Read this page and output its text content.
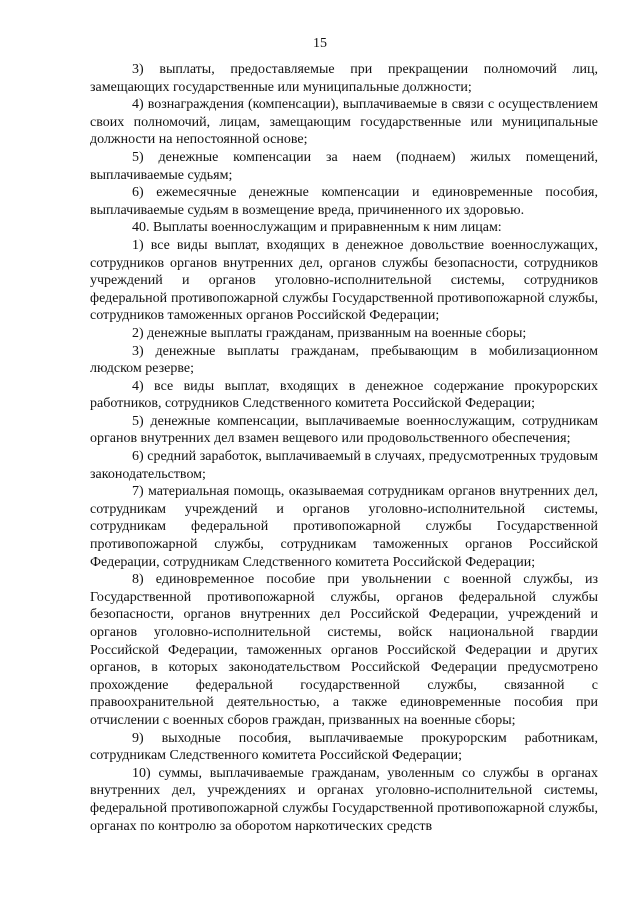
15

3) выплаты, предоставляемые при прекращении полномочий лиц, замещающих государственные или муниципальные должности;

4) вознаграждения (компенсации), выплачиваемые в связи с осуществлением своих полномочий, лицам, замещающим государственные или муниципальные должности на непостоянной основе;

5) денежные компенсации за наем (поднаем) жилых помещений, выплачиваемые судьям;

6) ежемесячные денежные компенсации и единовременные пособия, выплачиваемые судьям в возмещение вреда, причиненного их здоровью.

40. Выплаты военнослужащим и приравненным к ним лицам:

1) все виды выплат, входящих в денежное довольствие военнослужащих, сотрудников органов внутренних дел, органов службы безопасности, сотрудников учреждений и органов уголовно-исполнительной системы, сотрудников федеральной противопожарной службы Государственной противопожарной службы, сотрудников таможенных органов Российской Федерации;

2) денежные выплаты гражданам, призванным на военные сборы;

3) денежные выплаты гражданам, пребывающим в мобилизационном людском резерве;

4) все виды выплат, входящих в денежное содержание прокурорских работников, сотрудников Следственного комитета Российской Федерации;

5) денежные компенсации, выплачиваемые военнослужащим, сотрудникам органов внутренних дел взамен вещевого или продовольственного обеспечения;

6) средний заработок, выплачиваемый в случаях, предусмотренных трудовым законодательством;

7) материальная помощь, оказываемая сотрудникам органов внутренних дел, сотрудникам учреждений и органов уголовно-исполнительной системы, сотрудникам федеральной противопожарной службы Государственной противопожарной службы, сотрудникам таможенных органов Российской Федерации, сотрудникам Следственного комитета Российской Федерации;

8) единовременное пособие при увольнении с военной службы, из Государственной противопожарной службы, органов федеральной службы безопасности, органов внутренних дел Российской Федерации, учреждений и органов уголовно-исполнительной системы, войск национальной гвардии Российской Федерации, таможенных органов Российской Федерации и других органов, в которых законодательством Российской Федерации предусмотрено прохождение федеральной государственной службы, связанной с правоохранительной деятельностью, а также единовременные пособия при отчислении с военных сборов граждан, призванных на военные сборы;

9) выходные пособия, выплачиваемые прокурорским работникам, сотрудникам Следственного комитета Российской Федерации;

10) суммы, выплачиваемые гражданам, уволенным со службы в органах внутренних дел, учреждениях и органах уголовно-исполнительной системы, федеральной противопожарной службы Государственной противопожарной службы, органах по контролю за оборотом наркотических средств
